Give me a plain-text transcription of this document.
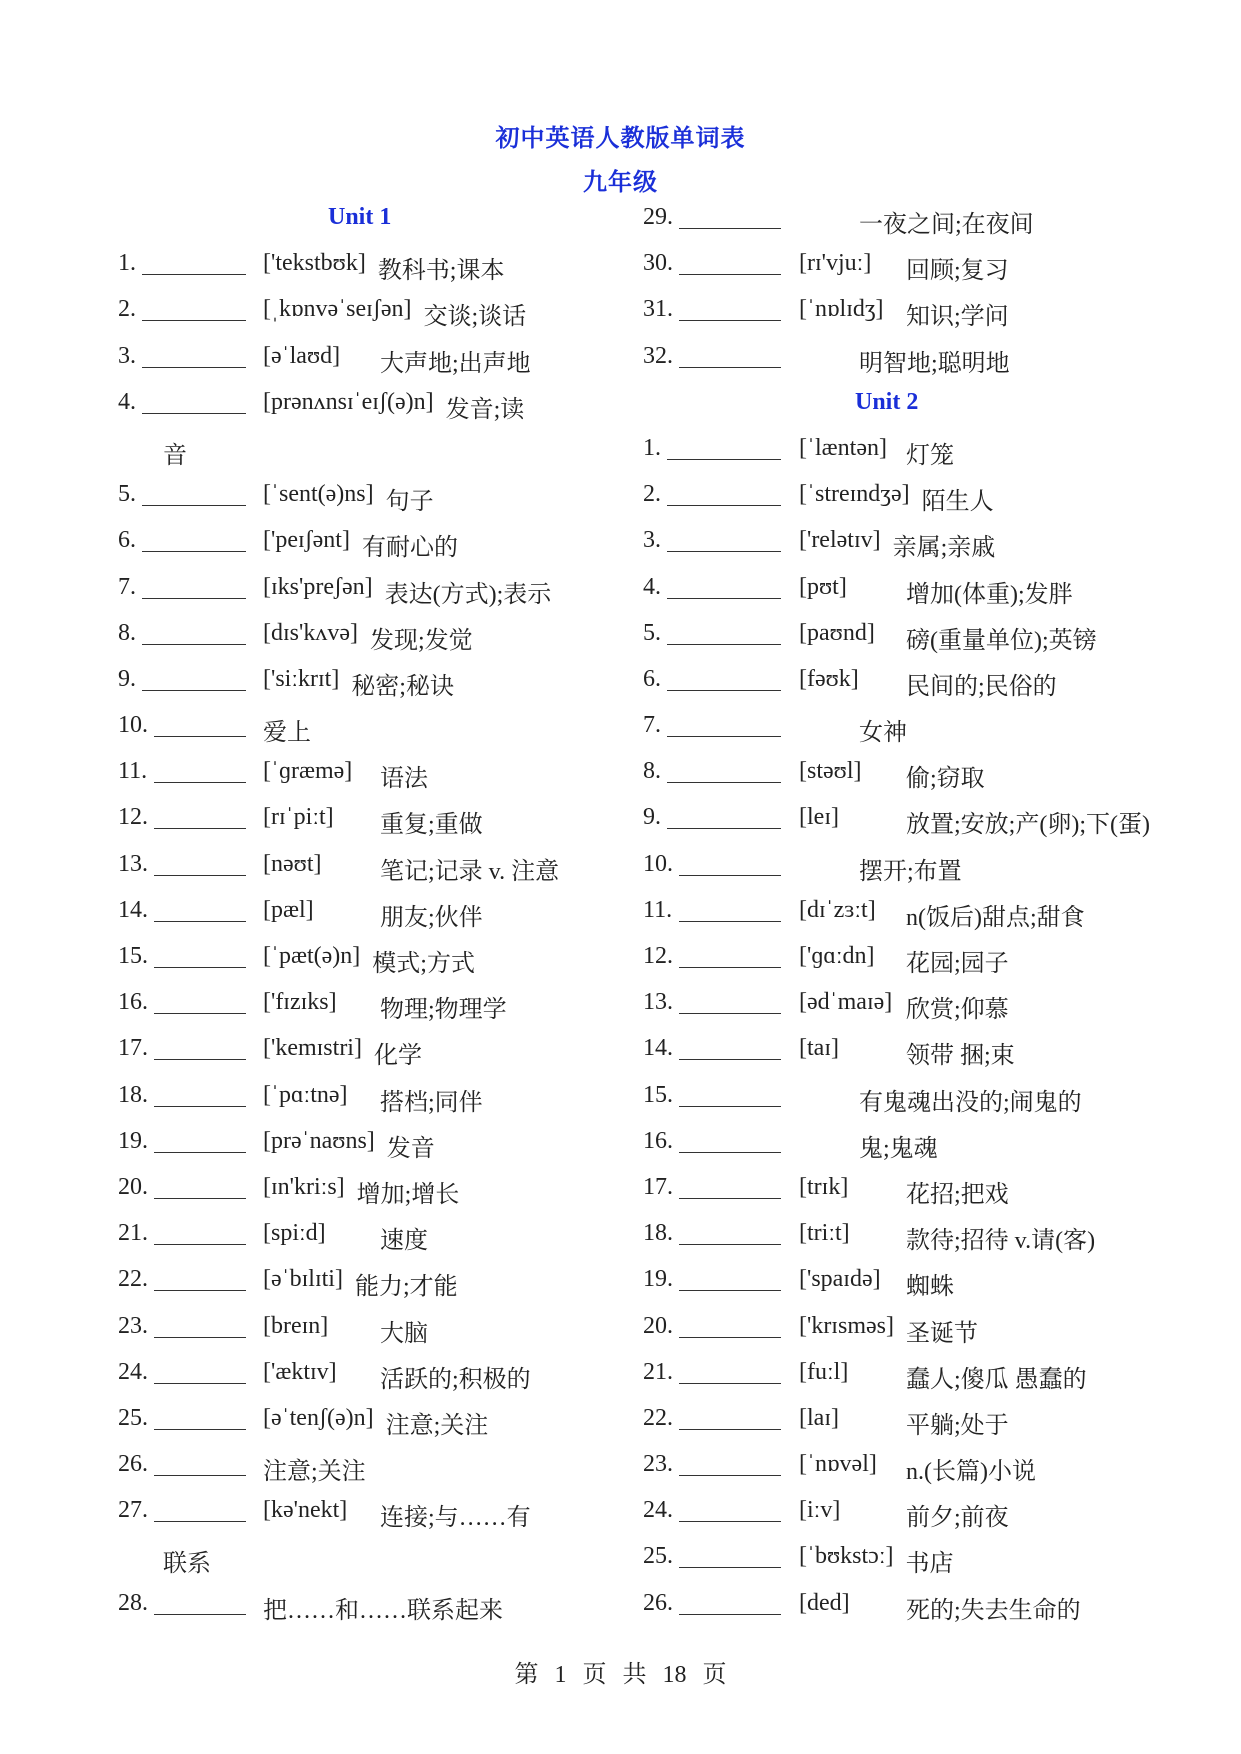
初中英语人教版单词表
九年级
Unit 1
1.	['tekstbʊk] 教科书;课本
2.	[ˌkɒnvəˈseɪʃən] 交谈;谈话
3.	[əˈlaʊd] 大声地;出声地
4.	[prənʌnsɪˈeɪʃ(ə)n] 发音;读
音
5.	[ˈsent(ə)ns] 句子
6.	['peɪʃənt] 有耐心的
7.	[ɪks'preʃən] 表达(方式);表示
8.	[dɪs'kʌvə] 发现;发觉
9.	['siːkrɪt] 秘密;秘诀
10.	爱上
11.	[ˈɡræmə] 语法
12.	[rɪˈpiːt] 重复;重做
13.	[nəʊt] 笔记;记录 v. 注意
14.	[pæl]	朋友;伙伴
15.	[ˈpæt(ə)n] 模式;方式
16.	['fɪzɪks] 物理;物理学
17.	['kemɪstri] 化学
18.	[ˈpɑːtnə] 搭档;同伴
19.	[prəˈnaʊns] 发音
20.	[ɪn'kriːs] 增加;增长
21.	[spiːd] 速度
22.	[əˈbɪlɪti] 能力;才能
23.	[breɪn] 大脑
24.	['æktɪv] 活跃的;积极的
25.	[əˈtenʃ(ə)n] 注意;关注
26.	注意;关注
27.	[kə'nekt] 连接;与……有
联系
28.	把……和……联系起来
29.	一夜之间;在夜间
30.	[rɪ'vjuː] 回顾;复习
31.	[ˈnɒlɪdʒ] 知识;学问
32.	明智地;聪明地
Unit 2
1.	[ˈlæntən] 灯笼
2.	[ˈstreɪndʒə] 陌生人
3.	['relətɪv] 亲属;亲戚
4.	[pʊt] 增加(体重);发胖
5.	[paʊnd] 磅(重量单位);英镑
6.	[fəʊk] 民间的;民俗的
7.	女神
8.	[stəʊl] 偷;窃取
9.	[leɪ]	放置;安放;产(卵);下(蛋)
10.	摆开;布置
11.	[dɪˈzɜːt] n(饭后)甜点;甜食
12.	['ɡɑːdn] 花园;园子
13.	[ədˈmaɪə] 欣赏;仰慕
14.	[taɪ]	领带 捆;束
15.	有鬼魂出没的;闹鬼的
16.	鬼;鬼魂
17.	[trɪk] 花招;把戏
18.	[triːt] 款待;招待 v.请(客)
19.	['spaɪdə] 蜘蛛
20.	['krɪsməs] 圣诞节
21.	[fuːl] 蠢人;傻瓜 愚蠢的
22.	[laɪ]	平躺;处于
23.	[ˈnɒvəl] n.(长篇)小说
24.	[iːv]	前夕;前夜
25.	[ˈbʊkstɔː] 书店
26.	[ded] 死的;失去生命的
第 1 页 共 18 页
